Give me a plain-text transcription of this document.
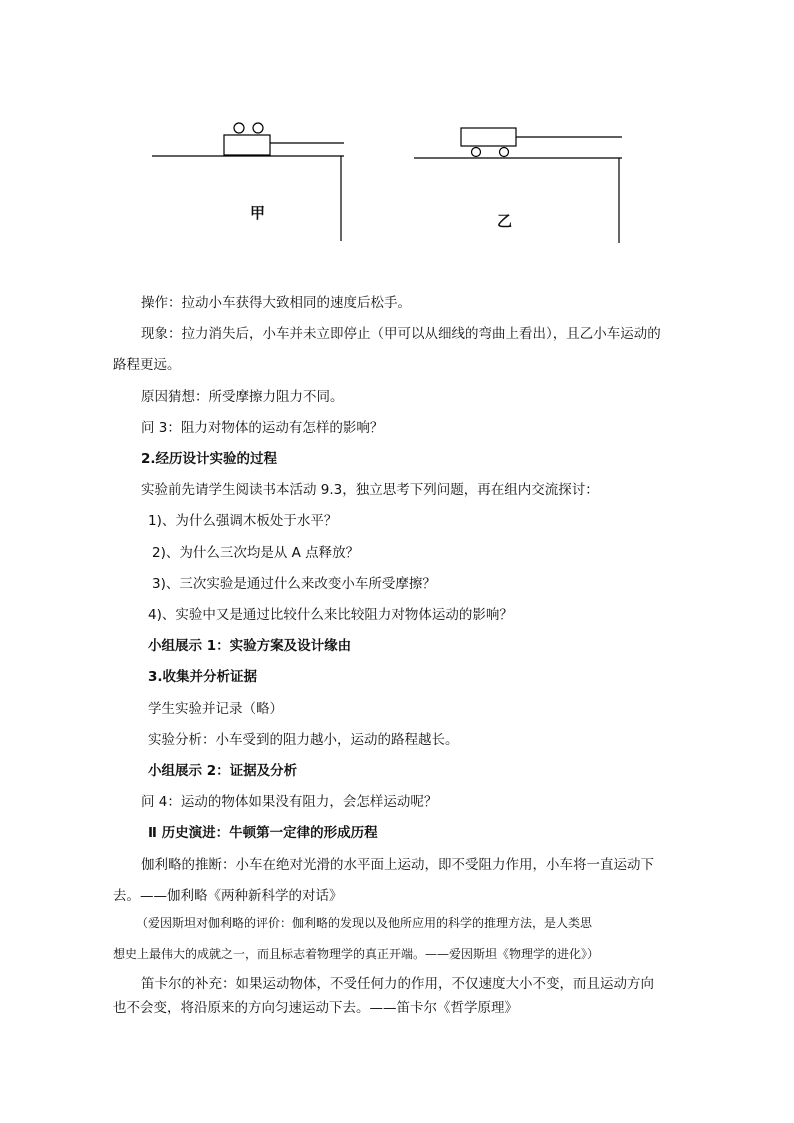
甲	乙
操作：拉动小车获得大致相同的速度后松手。
现象：拉力消失后，小车并未立即停止（甲可以从细线的弯曲上看出），且乙小车运动的
路程更远。
原因猜想：所受摩擦力阻力不同。
问 3：阻力对物体的运动有怎样的影响？
2.经历设计实验的过程
实验前先请学生阅读书本活动 9.3，独立思考下列问题，再在组内交流探讨：
1)、为什么强调木板处于水平？
2)、为什么三次均是从 A 点释放？
3)、三次实验是通过什么来改变小车所受摩擦？
4)、实验中又是通过比较什么来比较阻力对物体运动的影响？
小组展示 1：实验方案及设计缘由
3.收集并分析证据
学生实验并记录（略）
实验分析：小车受到的阻力越小，运动的路程越长。
小组展示 2：证据及分析
问 4：运动的物体如果没有阻力，会怎样运动呢？
Ⅱ 历史演进：牛顿第一定律的形成历程
伽利略的推断：小车在绝对光滑的水平面上运动，即不受阻力作用，小车将一直运动下
去。——伽利略《两种新科学的对话》
（爱因斯坦对伽利略的评价：伽利略的发现以及他所应用的科学的推理方法，是人类思
想史上最伟大的成就之一，而且标志着物理学的真正开端。——爱因斯坦《物理学的进化》）
笛卡尔的补充：如果运动物体，不受任何力的作用，不仅速度大小不变，而且运动方向
也不会变，将沿原来的方向匀速运动下去。——笛卡尔《哲学原理》
